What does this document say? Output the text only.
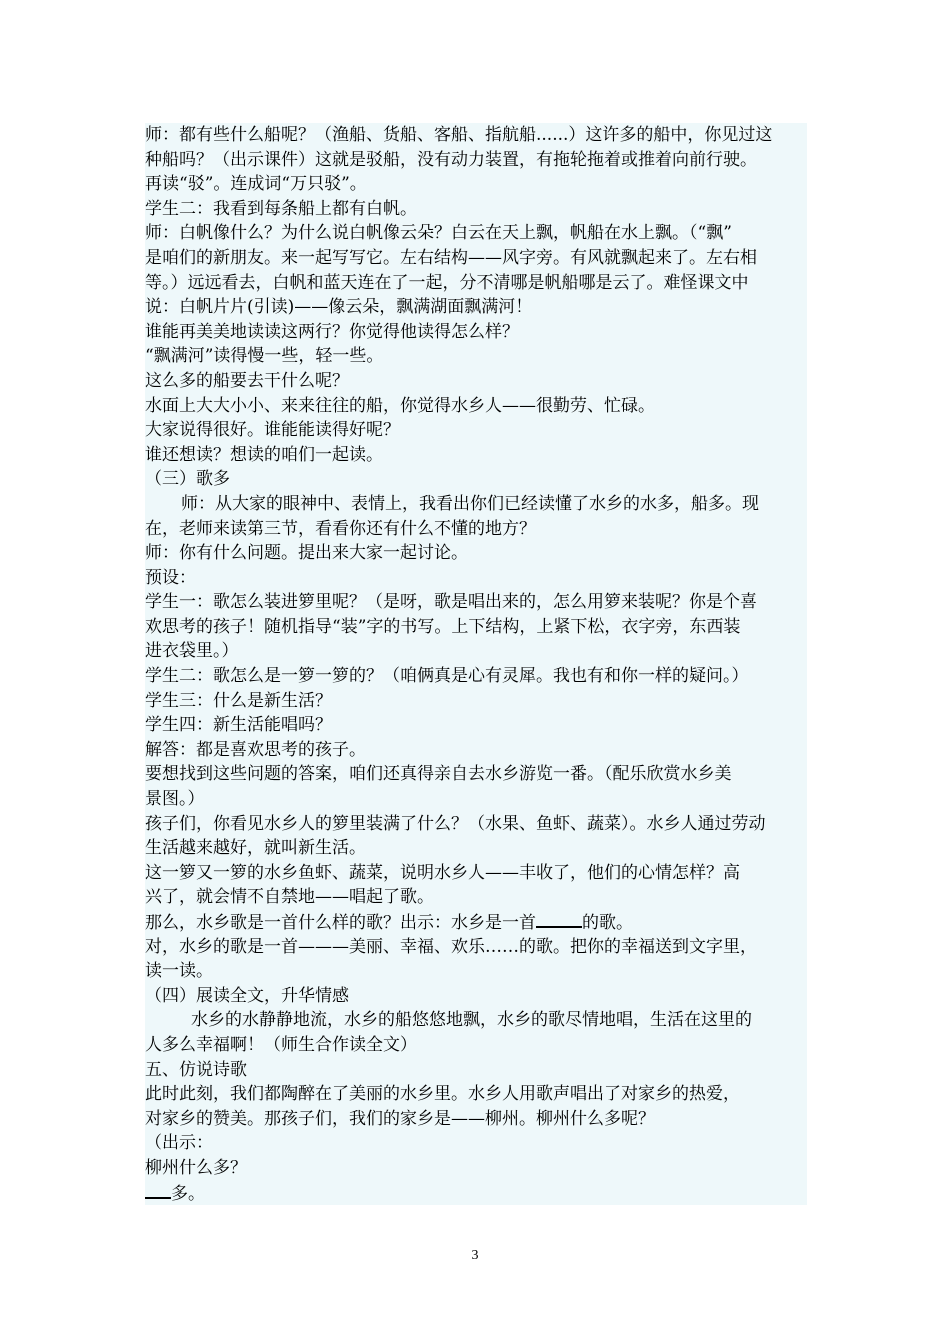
师：都有些什么船呢？（渔船、货船、客船、指航船......）这许多的船中，你见过这
种船吗？（出示课件）这就是驳船，没有动力装置，有拖轮拖着或推着向前行驶。
再读“驳”。连成词“万只驳”。
学生二：我看到每条船上都有白帆。
师：白帆像什么？为什么说白帆像云朵？白云在天上飘，帆船在水上飘。（“飘”
是咱们的新朋友。来一起写写它。左右结构——风字旁。有风就飘起来了。左右相
等。）远远看去，白帆和蓝天连在了一起，分不清哪是帆船哪是云了。难怪课文中
说：白帆片片(引读)——像云朵，飘满湖面飘满河！
谁能再美美地读读这两行？你觉得他读得怎么样？
“飘满河”读得慢一些，轻一些。
这么多的船要去干什么呢？
水面上大大小小、来来往往的船，你觉得水乡人——很勤劳、忙碌。
大家说得很好。谁能能读得好呢？
谁还想读？想读的咱们一起读。
（三）歌多
师：从大家的眼神中、表情上，我看出你们已经读懂了水乡的水多，船多。现
在，老师来读第三节，看看你还有什么不懂的地方？
师：你有什么问题。提出来大家一起讨论。
预设：
学生一：歌怎么装进箩里呢？（是呀，歌是唱出来的，怎么用箩来装呢？你是个喜
欢思考的孩子！随机指导“装”字的书写。上下结构，上紧下松，衣字旁，东西装
进衣袋里。）
学生二：歌怎么是一箩一箩的？（咱俩真是心有灵犀。我也有和你一样的疑问。）
学生三：什么是新生活？
学生四：新生活能唱吗？
解答：都是喜欢思考的孩子。
要想找到这些问题的答案，咱们还真得亲自去水乡游览一番。（配乐欣赏水乡美
景图。）
孩子们，你看见水乡人的箩里装满了什么？（水果、鱼虾、蔬菜）。水乡人通过劳动
生活越来越好，就叫新生活。
这一箩又一箩的水乡鱼虾、蔬菜，说明水乡人——丰收了，他们的心情怎样？高
兴了，就会情不自禁地——唱起了歌。
那么，水乡歌是一首什么样的歌？出示：水乡是一首	的歌。
对，水乡的歌是一首———美丽、幸福、欢乐……的歌。把你的幸福送到文字里，
读一读。
（四）展读全文，升华情感
水乡的水静静地流，水乡的船悠悠地飘，水乡的歌尽情地唱，生活在这里的
人多么幸福啊！（师生合作读全文）
五、仿说诗歌
此时此刻，我们都陶醉在了美丽的水乡里。水乡人用歌声唱出了对家乡的热爱，
对家乡的赞美。那孩子们，我们的家乡是——柳州。柳州什么多呢？
（出示：
柳州什么多？
多。
3
